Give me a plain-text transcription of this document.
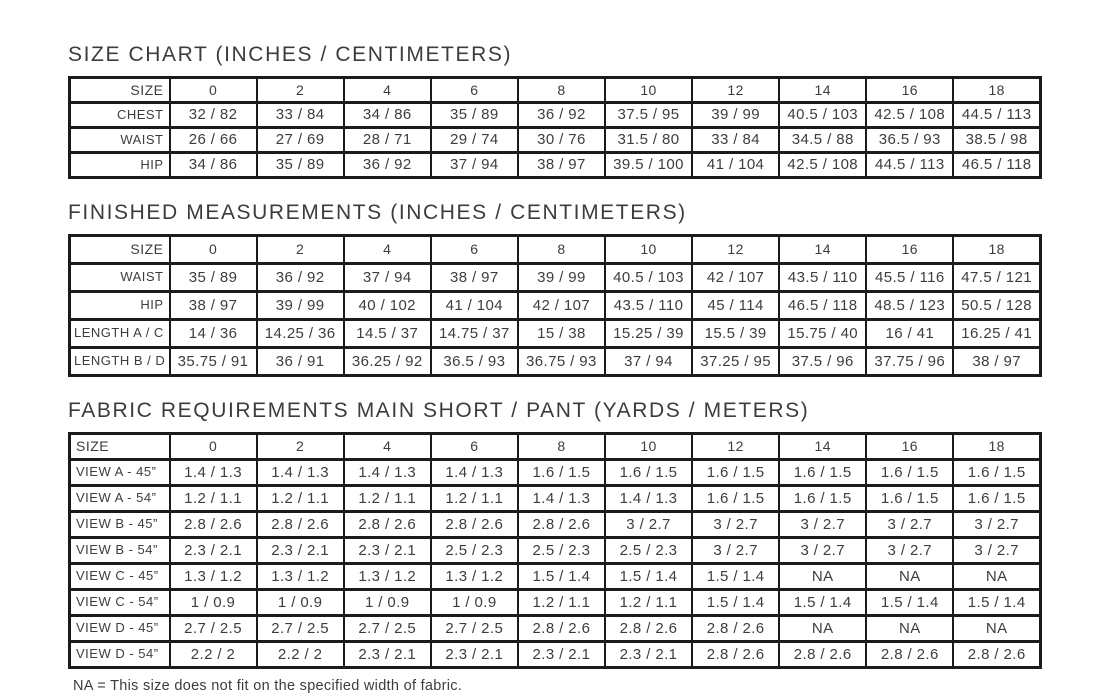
SIZE CHART (INCHES / CENTIMETERS)
SIZE	0	2	4	6	8	10	12	14	16	18
CHEST	32 / 82	33 / 84	34 / 86	35 / 89	36 / 92	37.5 / 95	39 / 99	40.5 / 103	42.5 / 108	44.5 / 113
WAIST	26 / 66	27 / 69	28 / 71	29 / 74	30 / 76	31.5 / 80	33 / 84	34.5 / 88	36.5 / 93	38.5 / 98
HIP	34 / 86	35 / 89	36 / 92	37 / 94	38 / 97	39.5 / 100	41 / 104	42.5 / 108	44.5 / 113	46.5 / 118
FINISHED MEASUREMENTS (INCHES / CENTIMETERS)
SIZE	0	2	4	6	8	10	12	14	16	18
WAIST	35 / 89	36 / 92	37 / 94	38 / 97	39 / 99	40.5 / 103	42 / 107	43.5 / 110	45.5 / 116	47.5 / 121
HIP	38 / 97	39 / 99	40 / 102	41 / 104	42 / 107	43.5 / 110	45 / 114	46.5 / 118	48.5 / 123	50.5 / 128
LENGTH A / C	14 / 36	14.25 / 36	14.5 / 37	14.75 / 37	15 / 38	15.25 / 39	15.5 / 39	15.75 / 40	16 / 41	16.25 / 41
LENGTH B / D	35.75 / 91	36 / 91	36.25 / 92	36.5 / 93	36.75 / 93	37 / 94	37.25 / 95	37.5 / 96	37.75 / 96	38 / 97
FABRIC REQUIREMENTS MAIN SHORT / PANT (YARDS / METERS)
SIZE	0	2	4	6	8	10	12	14	16	18
VIEW A - 45”	1.4 / 1.3	1.4 / 1.3	1.4 / 1.3	1.4 / 1.3	1.6 / 1.5	1.6 / 1.5	1.6 / 1.5	1.6 / 1.5	1.6 / 1.5	1.6 / 1.5
VIEW A - 54”	1.2 / 1.1	1.2 / 1.1	1.2 / 1.1	1.2 / 1.1	1.4 / 1.3	1.4 / 1.3	1.6 / 1.5	1.6 / 1.5	1.6 / 1.5	1.6 / 1.5
VIEW B - 45”	2.8 / 2.6	2.8 / 2.6	2.8 / 2.6	2.8 / 2.6	2.8 / 2.6	3 / 2.7	3 / 2.7	3 / 2.7	3 / 2.7	3 / 2.7
VIEW B - 54”	2.3 / 2.1	2.3 / 2.1	2.3 / 2.1	2.5 / 2.3	2.5 / 2.3	2.5 / 2.3	3 / 2.7	3 / 2.7	3 / 2.7	3 / 2.7
VIEW C - 45”	1.3 / 1.2	1.3 / 1.2	1.3 / 1.2	1.3 / 1.2	1.5 / 1.4	1.5 / 1.4	1.5 / 1.4	NA	NA	NA
VIEW C - 54”	1 / 0.9	1 / 0.9	1 / 0.9	1 / 0.9	1.2 / 1.1	1.2 / 1.1	1.5 / 1.4	1.5 / 1.4	1.5 / 1.4	1.5 / 1.4
VIEW D - 45”	2.7 / 2.5	2.7 / 2.5	2.7 / 2.5	2.7 / 2.5	2.8 / 2.6	2.8 / 2.6	2.8 / 2.6	NA	NA	NA
VIEW D - 54”	2.2 / 2	2.2 / 2	2.3 / 2.1	2.3 / 2.1	2.3 / 2.1	2.3 / 2.1	2.8 / 2.6	2.8 / 2.6	2.8 / 2.6	2.8 / 2.6

NA = This size does not fit on the specified width of fabric.
